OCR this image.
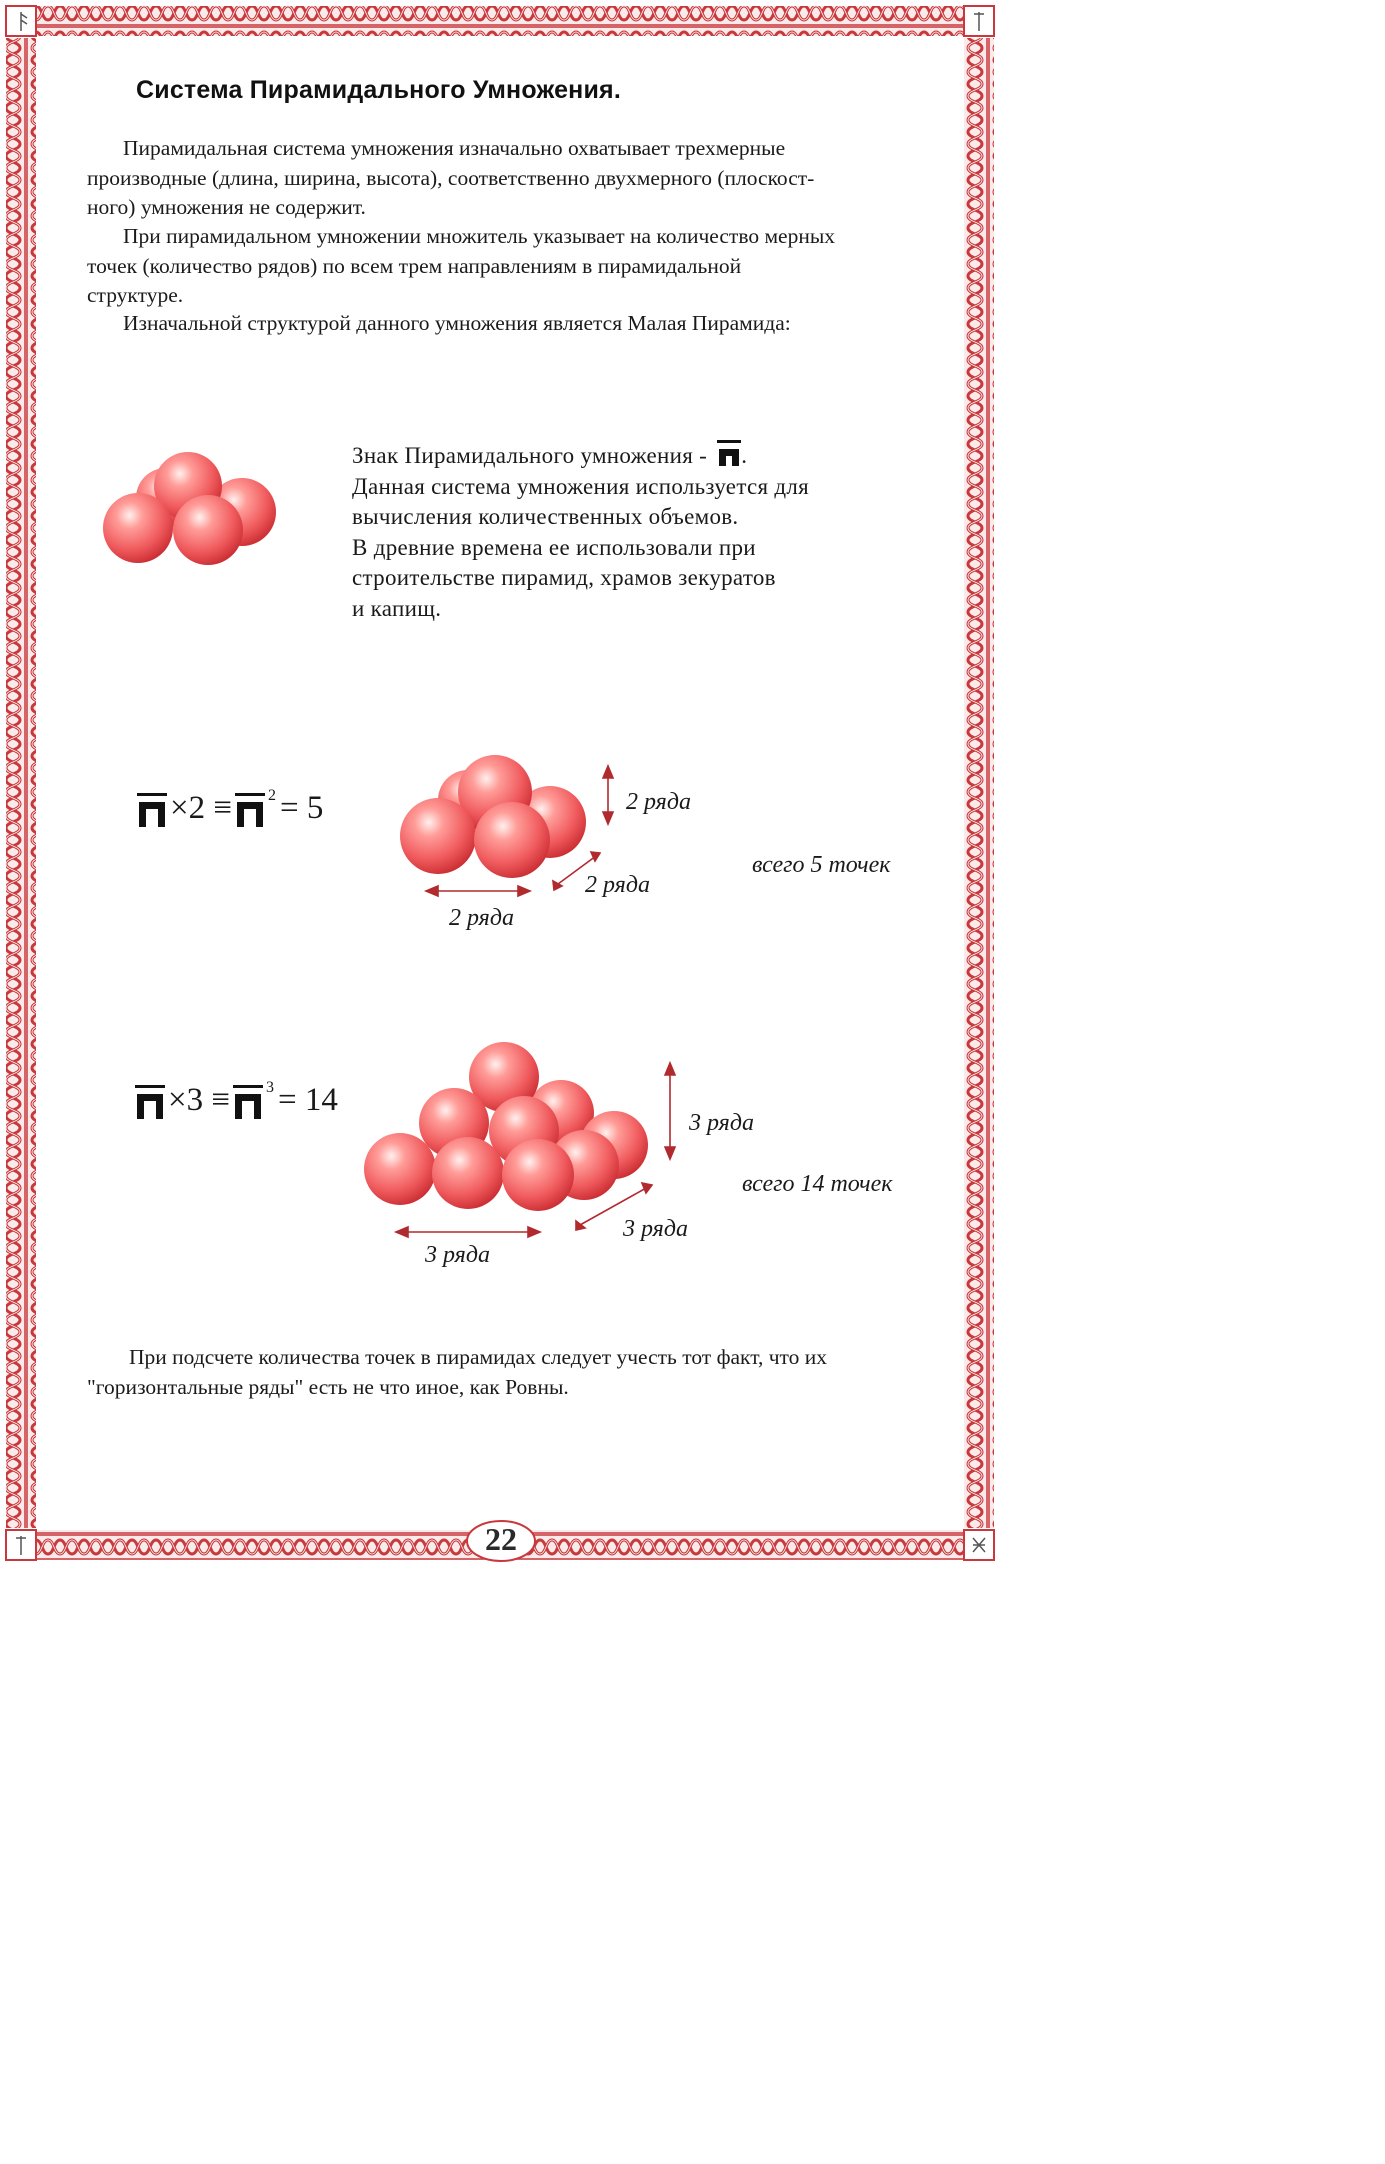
Система Пирамидального Умножения.
Пирамидальная система умножения изначально охватывает трехмерные
производные (длина, ширина, высота), соответственно двухмерного (плоскост-
ного) умножения не содержит.
При пирамидальном умножении множитель указывает на количество мерных
точек (количество рядов) по всем трем направлениям в пирамидальной
структуре.
Изначальной структурой данного умножения является Малая Пирамида:
Знак Пирамидального умножения - .
Данная система умножения используется для
вычисления количественных объемов.
В древние времена ее использовали при
строительстве пирамид, храмов зекуратов
и капищ.
×2 ≡ 2 = 5	2 ряда
2 ряда
2 ряда
всего 5 точек
×3 ≡ 3 = 14
3 ряда
3 ряда
3 ряда
всего 14 точек
При подсчете количества точек в пирамидах следует учесть тот факт, что их
"горизонтальные ряды" есть не что иное, как Ровны.
22
